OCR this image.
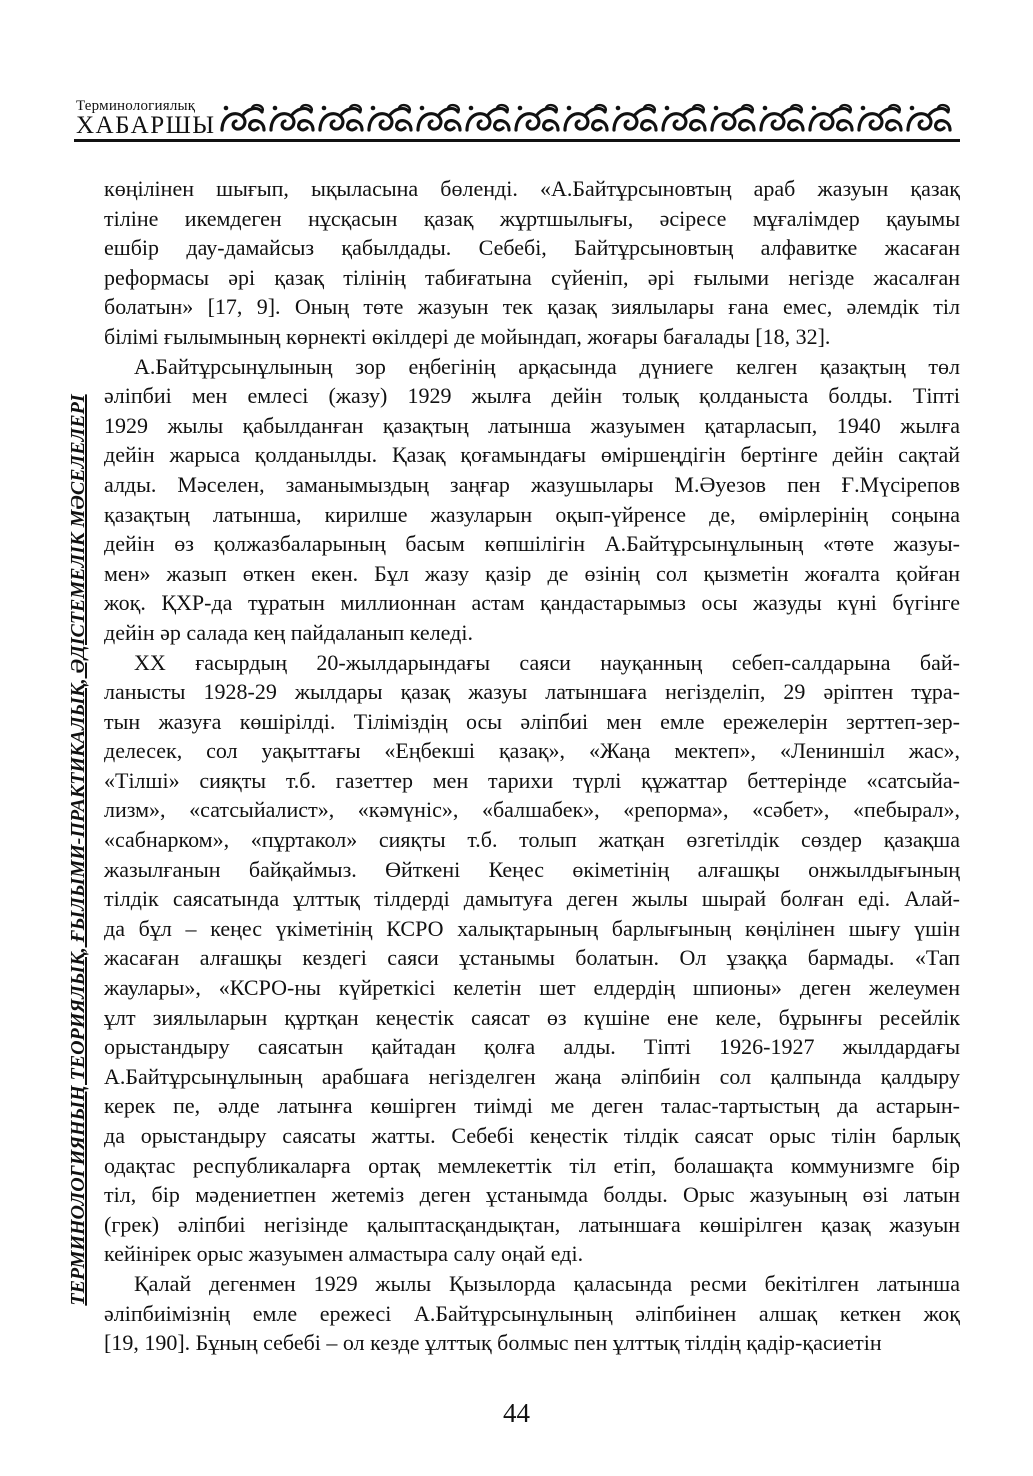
Терминологиялық
ХАБАРШЫ
ТЕРМИНОЛОГИЯНЫҢ ТЕОРИЯЛЫҚ, ҒЫЛЫМИ-ПРАКТИКАЛЫҚ, ӘДІСТЕМЕЛІК МӘСЕЛЕЛЕРІ

көңілінен шығып, ықыласына бөленді. «А.Байтұрсыновтың араб жазуын қазақ

тіліне икемдеген нұсқасын қазақ жұртшылығы, әсіресе мұғалімдер қауымы

ешбір дау-дамайсыз қабылдады. Себебі, Байтұрсыновтың алфавитке жасаған

реформасы әрі қазақ тілінің табиғатына сүйеніп, әрі ғылыми негізде жасалған

болатын» [17, 9]. Оның төте жазуын тек қазақ зиялылары ғана емес, әлемдік тіл

білімі ғылымының көрнекті өкілдері де мойындап, жоғары бағалады [18, 32].

А.Байтұрсынұлының зор еңбегінің арқасында дүниеге келген қазақтың төл

әліпбиі мен емлесі (жазу) 1929 жылға дейін толық қолданыста болды. Тіпті

1929 жылы қабылданған қазақтың латынша жазуымен қатарласып, 1940 жылға

дейін жарыса қолданылды. Қазақ қоғамындағы өміршеңдігін бертінге дейін сақтай

алды. Мәселен, заманымыздың заңғар жазушылары М.Әуезов пен Ғ.Мүсірепов

қазақтың латынша, кирилше жазуларын оқып-үйренсе де, өмірлерінің соңына

дейін өз қолжазбаларының басым көпшілігін А.Байтұрсынұлының «төте жазуы-

мен» жазып өткен екен. Бұл жазу қазір де өзінің сол қызметін жоғалта қойған

жоқ. ҚХР-да тұратын миллионнан астам қандастарымыз осы жазуды күні бүгінге

дейін әр салада кең пайдаланып келеді.

XX ғасырдың 20-жылдарындағы саяси науқанның себеп-салдарына бай-

ланысты 1928-29 жылдары қазақ жазуы латыншаға негізделіп, 29 әріптен тұра-

тын жазуға көшірілді. Тіліміздің осы әліпбиі мен емле ережелерін зерттеп-зер-

делесек, сол уақыттағы «Еңбекші қазақ», «Жаңа мектеп», «Лениншіл жас»,

«Тілші» сияқты т.б. газеттер мен тарихи түрлі құжаттар беттерінде «сатсыйа-

лизм», «сатсыйалист», «кәмүніс», «балшабек», «репорма», «сәбет», «пебырал»,

«сабнарком», «пұртакол» сияқты т.б. толып жатқан өзгетілдік сөздер қазақша

жазылғанын байқаймыз. Өйткені Кеңес өкіметінің алғашқы онжылдығының

тілдік саясатында ұлттық тілдерді дамытуға деген жылы шырай болған еді. Алай-

да бұл – кеңес үкіметінің КСРО халықтарының барлығының көңілінен шығу үшін

жасаған алғашқы кездегі саяси ұстанымы болатын. Ол ұзаққа бармады. «Тап

жаулары», «КСРО-ны күйреткісі келетін шет елдердің шпионы» деген желеумен

ұлт зиялыларын құртқан кеңестік саясат өз күшіне ене келе, бұрынғы ресейлік

орыстандыру саясатын қайтадан қолға алды. Тіпті 1926-1927 жылдардағы

А.Байтұрсынұлының арабшаға негізделген жаңа әліпбиін сол қалпында қалдыру

керек пе, әлде латынға көшірген тиімді ме деген талас-тартыстың да астарын-

да орыстандыру саясаты жатты. Себебі кеңестік тілдік саясат орыс тілін барлық

одақтас республикаларға ортақ мемлекеттік тіл етіп, болашақта коммунизмге бір

тіл, бір мәдениетпен жетеміз деген ұстанымда болды. Орыс жазуының өзі латын

(грек) әліпбиі негізінде қалыптасқандықтан, латыншаға көшірілген қазақ жазуын

кейінірек орыс жазуымен алмастыра салу оңай еді.

Қалай дегенмен 1929 жылы Қызылорда қаласында ресми бекітілген латынша

әліпбиімізнің емле ережесі А.Байтұрсынұлының әліпбиінен алшақ кеткен жоқ

[19, 190]. Бұның себебі – ол кезде ұлттық болмыс пен ұлттық тілдің қадір-қасиетін

44
